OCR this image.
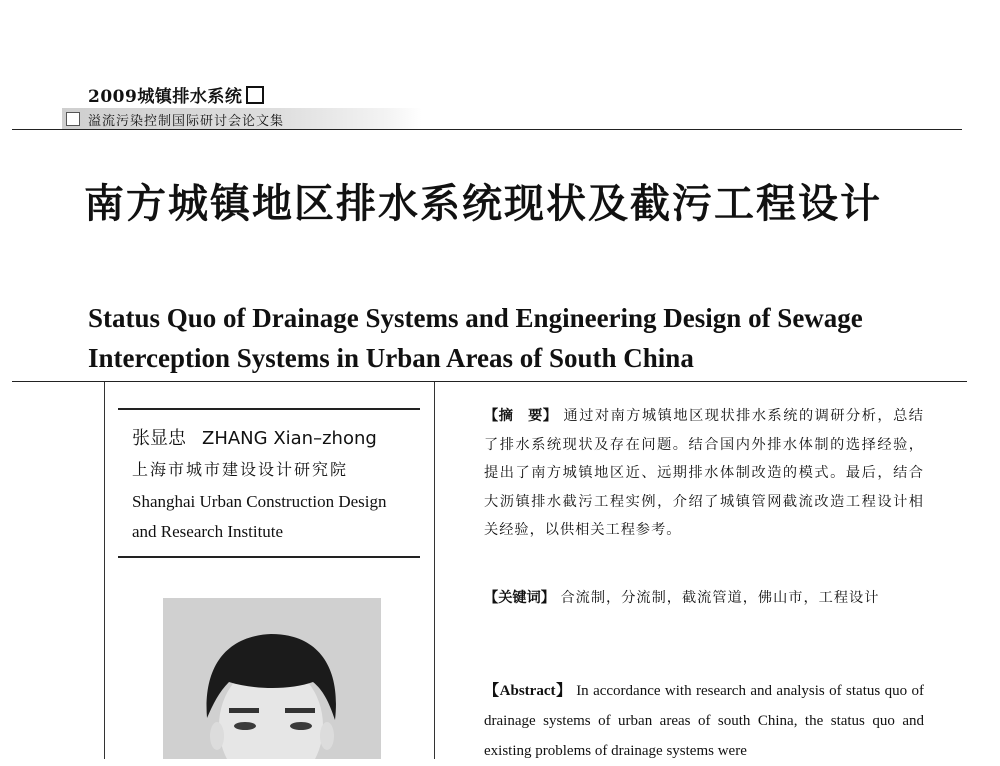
2009城镇排水系统
溢流污染控制国际研讨会论文集
南方城镇地区排水系统现状及截污工程设计
Status Quo of Drainage Systems and Engineering Design of Sewage Interception Systems in Urban Areas of South China
张显忠 ZHANG Xian–zhong
上海市城市建设设计研究院
Shanghai Urban Construction Design and Research Institute
【摘　要】 通过对南方城镇地区现状排水系统的调研分析，总结了排水系统现状及存在问题。结合国内外排水体制的选择经验，提出了南方城镇地区近、远期排水体制改造的模式。最后，结合大沥镇排水截污工程实例，介绍了城镇管网截流改造工程设计相关经验，以供相关工程参考。
【关键词】 合流制，分流制，截流管道，佛山市，工程设计
【Abstract】 In accordance with research and analysis of status quo of drainage systems of urban areas of south China, the status quo and existing problems of drainage systems were
